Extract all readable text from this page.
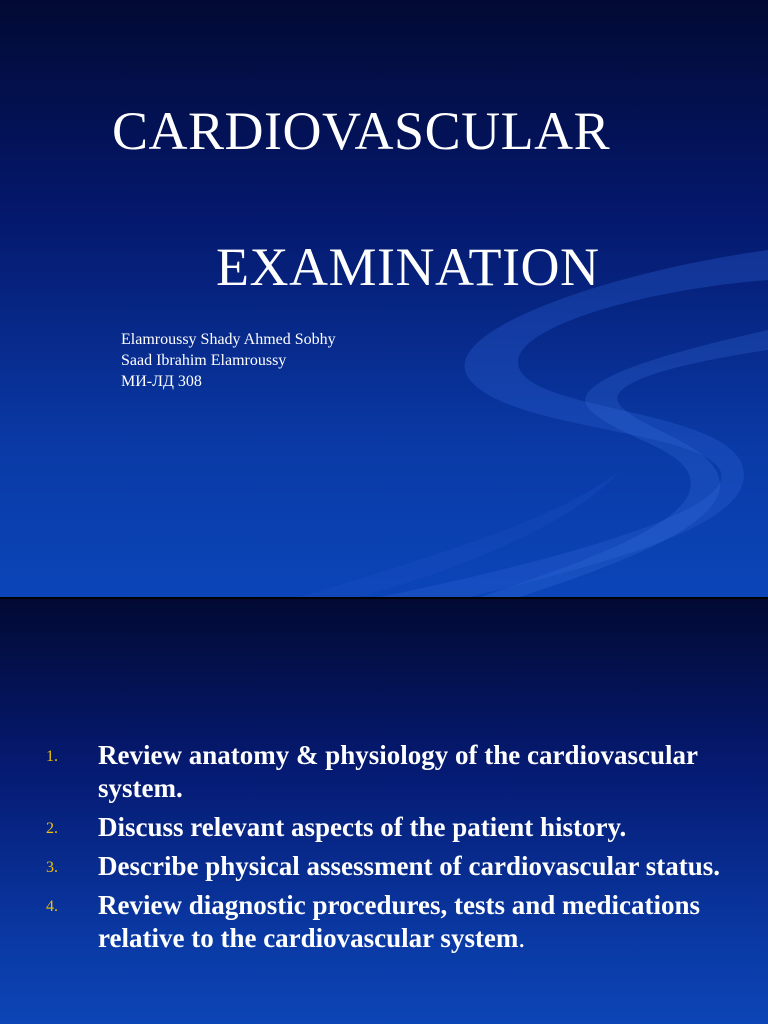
CARDIOVASCULAR
EXAMINATION
Elamroussy Shady Ahmed Sobhy
Saad Ibrahim Elamroussy
МИ-ЛД 308
1. Review anatomy & physiology of the cardiovascular system.
2. Discuss relevant aspects of the patient history.
3. Describe physical assessment of cardiovascular status.
4. Review diagnostic procedures, tests and medications relative to the cardiovascular system.
